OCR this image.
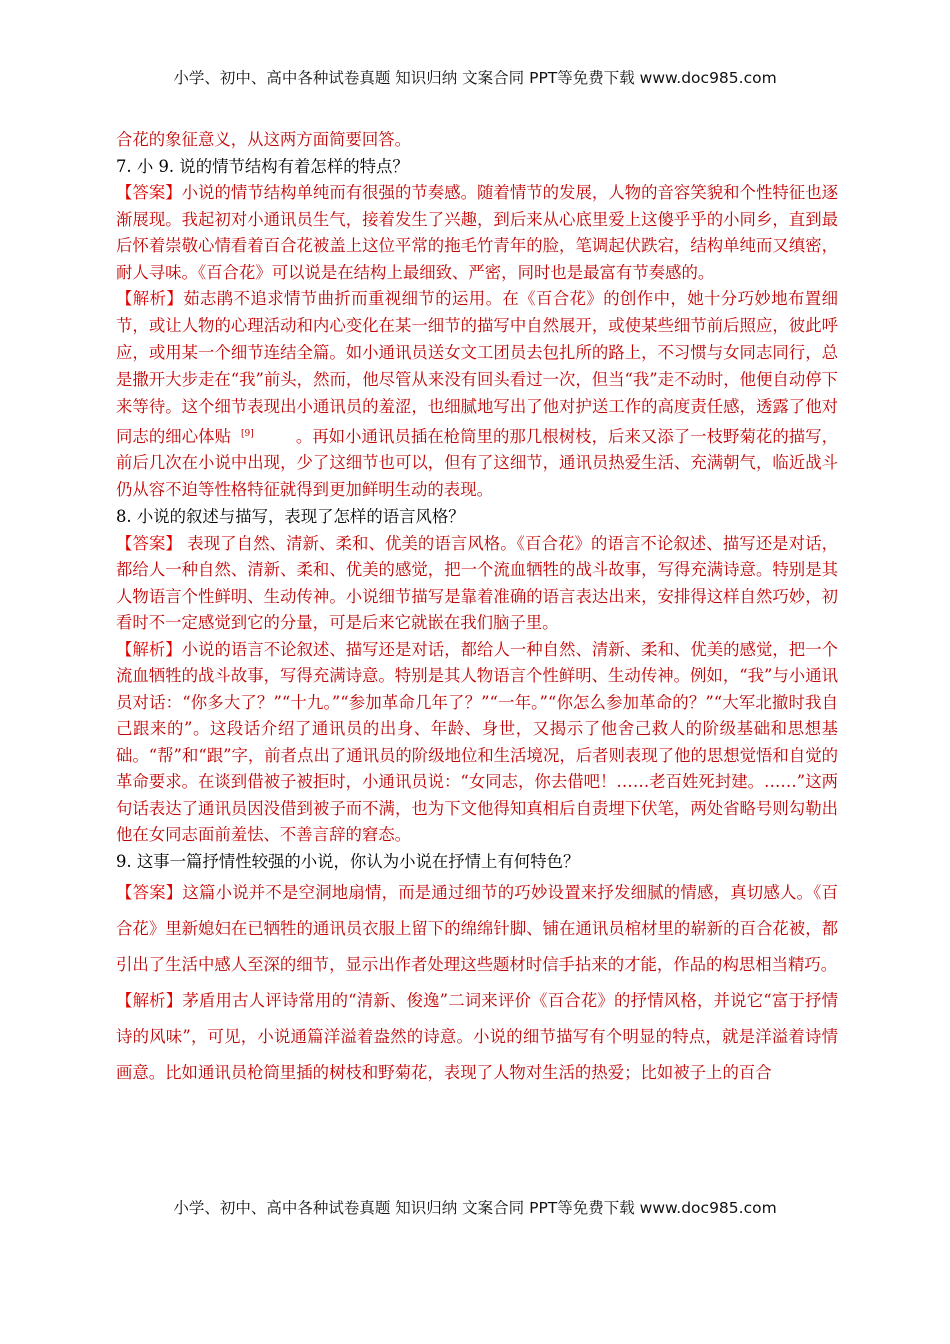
小学、初中、高中各种试卷真题 知识归纳 文案合同 PPT等免费下载 www.doc985.com

合花的象征意义，从这两方面简要回答。

7. 小 9. 说的情节结构有着怎样的特点？

【答案】小说的情节结构单纯而有很强的节奏感。随着情节的发展，人物的音容笑貌和个性特征也逐渐展现。我起初对小通讯员生气，接着发生了兴趣，到后来从心底里爱上这傻乎乎的小同乡，直到最后怀着崇敬心情看着百合花被盖上这位平常的拖毛竹青年的脸，笔调起伏跌宕，结构单纯而又缜密，耐人寻味。《百合花》可以说是在结构上最细致、严密，同时也是最富有节奏感的。

【解析】茹志鹃不追求情节曲折而重视细节的运用。在《百合花》的创作中，她十分巧妙地布置细节，或让人物的心理活动和内心变化在某一细节的描写中自然展开，或使某些细节前后照应，彼此呼应，或用某一个细节连结全篇。如小通讯员送女文工团员去包扎所的路上，不习惯与女同志同行，总是撒开大步走在“我”前头，然而，他尽管从来没有回头看过一次，但当“我”走不动时，他便自动停下来等待。这个细节表现出小通讯员的羞涩，也细腻地写出了他对护送工作的高度责任感，透露了他对同志的细心体贴 [9]	。再如小通讯员插在枪筒里的那几根树枝，后来又添了一枝野菊花的描写，前后几次在小说中出现，少了这细节也可以，但有了这细节，通讯员热爱生活、充满朝气，临近战斗仍从容不迫等性格特征就得到更加鲜明生动的表现。

8. 小说的叙述与描写，表现了怎样的语言风格？

【答案】 表现了自然、清新、柔和、优美的语言风格。《百合花》的语言不论叙述、描写还是对话，都给人一种自然、清新、柔和、优美的感觉，把一个流血牺牲的战斗故事，写得充满诗意。特别是其人物语言个性鲜明、生动传神。小说细节描写是靠着准确的语言表达出来，安排得这样自然巧妙，初看时不一定感觉到它的分量，可是后来它就嵌在我们脑子里。

【解析】小说的语言不论叙述、描写还是对话，都给人一种自然、清新、柔和、优美的感觉，把一个流血牺牲的战斗故事，写得充满诗意。特别是其人物语言个性鲜明、生动传神。例如，“我”与小通讯员对话：“你多大了？”“十九。”“参加革命几年了？”“一年。”“你怎么参加革命的？”“大军北撤时我自己跟来的”。这段话介绍了通讯员的出身、年龄、身世，又揭示了他舍己救人的阶级基础和思想基础。“帮”和“跟”字，前者点出了通讯员的阶级地位和生活境况，后者则表现了他的思想觉悟和自觉的革命要求。在谈到借被子被拒时，小通讯员说：“女同志，你去借吧！……老百姓死封建。……”这两句话表达了通讯员因没借到被子而不满，也为下文他得知真相后自责埋下伏笔，两处省略号则勾勒出他在女同志面前羞怯、不善言辞的窘态。

9. 这事一篇抒情性较强的小说，你认为小说在抒情上有何特色？

【答案】这篇小说并不是空洞地扇情，而是通过细节的巧妙设置来抒发细腻的情感，真切感人。《百合花》里新媳妇在已牺牲的通讯员衣服上留下的绵绵针脚、铺在通讯员棺材里的崭新的百合花被，都引出了生活中感人至深的细节，显示出作者处理这些题材时信手拈来的才能，作品的构思相当精巧。

【解析】茅盾用古人评诗常用的“清新、俊逸”二词来评价《百合花》的抒情风格，并说它“富于抒情诗的风味”，可见，小说通篇洋溢着盎然的诗意。小说的细节描写有个明显的特点，就是洋溢着诗情画意。比如通讯员枪筒里插的树枝和野菊花，表现了人物对生活的热爱；比如被子上的百合

小学、初中、高中各种试卷真题 知识归纳 文案合同 PPT等免费下载 www.doc985.com
